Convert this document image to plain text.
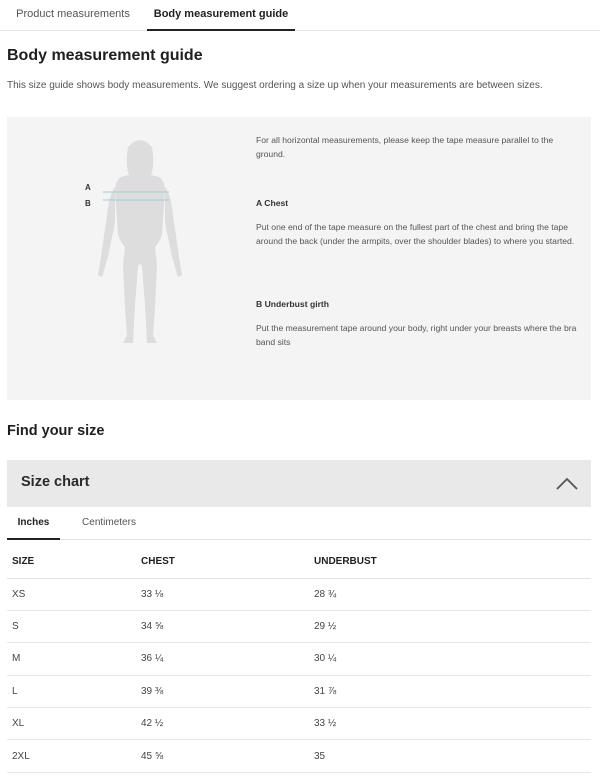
Product measurements	Body measurement guide
Body measurement guide
This size guide shows body measurements. We suggest ordering a size up when your measurements are between sizes.
A
B
For all horizontal measurements, please keep the tape measure parallel to the ground.
A Chest
Put one end of the tape measure on the fullest part of the chest and bring the tape around the back (under the armpits, over the shoulder blades) to where you started.
B Underbust girth
Put the measurement tape around your body, right under your breasts where the bra band sits
Find your size
Size chart
Inches	Centimeters
SIZE	CHEST	UNDERBUST
XS	33 ⅛	28 ¾
S	34 ⅝	29 ½
M	36 ¼	30 ¼
L	39 ⅜	31 ⅞
XL	42 ½	33 ½
2XL	45 ⅝	35
